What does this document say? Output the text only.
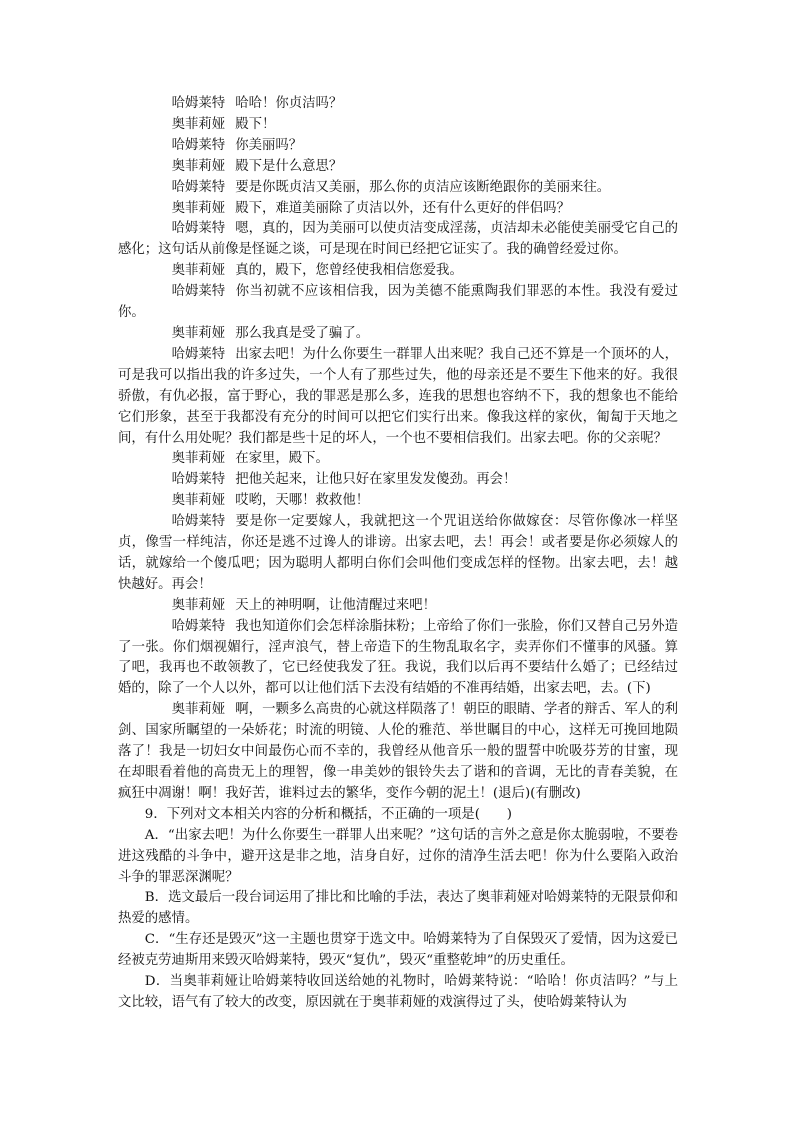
哈姆莱特 哈哈！你贞洁吗？

奥菲莉娅 殿下！

哈姆莱特 你美丽吗？

奥菲莉娅 殿下是什么意思？

哈姆莱特 要是你既贞洁又美丽，那么你的贞洁应该断绝跟你的美丽来往。

奥菲莉娅 殿下，难道美丽除了贞洁以外，还有什么更好的伴侣吗？

哈姆莱特 嗯，真的，因为美丽可以使贞洁变成淫荡，贞洁却未必能使美丽受它自己的感化；这句话从前像是怪诞之谈，可是现在时间已经把它证实了。我的确曾经爱过你。

奥菲莉娅 真的，殿下，您曾经使我相信您爱我。

哈姆莱特 你当初就不应该相信我，因为美德不能熏陶我们罪恶的本性。我没有爱过你。

奥菲莉娅 那么我真是受了骗了。

哈姆莱特 出家去吧！为什么你要生一群罪人出来呢？我自己还不算是一个顶坏的人，可是我可以指出我的许多过失，一个人有了那些过失，他的母亲还是不要生下他来的好。我很骄傲，有仇必报，富于野心，我的罪恶是那么多，连我的思想也容纳不下，我的想象也不能给它们形象，甚至于我都没有充分的时间可以把它们实行出来。像我这样的家伙，匍匐于天地之间，有什么用处呢？我们都是些十足的坏人，一个也不要相信我们。出家去吧。你的父亲呢？

奥菲莉娅 在家里，殿下。

哈姆莱特 把他关起来，让他只好在家里发发傻劲。再会！

奥菲莉娅 哎哟，天哪！救救他！

哈姆莱特 要是你一定要嫁人，我就把这一个咒诅送给你做嫁奁：尽管你像冰一样坚贞，像雪一样纯洁，你还是逃不过谗人的诽谤。出家去吧，去！再会！或者要是你必须嫁人的话，就嫁给一个傻瓜吧；因为聪明人都明白你们会叫他们变成怎样的怪物。出家去吧，去！越快越好。再会！

奥菲莉娅 天上的神明啊，让他清醒过来吧！

哈姆莱特 我也知道你们会怎样涂脂抹粉；上帝给了你们一张脸，你们又替自己另外造了一张。你们烟视媚行，淫声浪气，替上帝造下的生物乱取名字，卖弄你们不懂事的风骚。算了吧，我再也不敢领教了，它已经使我发了狂。我说，我们以后再不要结什么婚了；已经结过婚的，除了一个人以外，都可以让他们活下去没有结婚的不准再结婚，出家去吧，去。(下)

奥菲莉娅 啊，一颗多么高贵的心就这样陨落了！朝臣的眼睛、学者的辩舌、军人的利剑、国家所瞩望的一朵娇花；时流的明镜、人伦的雅范、举世瞩目的中心，这样无可挽回地陨落了！我是一切妇女中间最伤心而不幸的，我曾经从他音乐一般的盟誓中吮吸芬芳的甘蜜，现在却眼看着他的高贵无上的理智，像一串美妙的银铃失去了谐和的音调，无比的青春美貌，在疯狂中凋谢！啊！我好苦，谁料过去的繁华，变作今朝的泥土！(退后)(有删改)

9．下列对文本相关内容的分析和概括，不正确的一项是(　　)

A．“出家去吧！为什么你要生一群罪人出来呢？”这句话的言外之意是你太脆弱啦，不要卷进这残酷的斗争中，避开这是非之地，洁身自好，过你的清净生活去吧！你为什么要陷入政治斗争的罪恶深渊呢？

B．选文最后一段台词运用了排比和比喻的手法，表达了奥菲莉娅对哈姆莱特的无限景仰和热爱的感情。

C．“生存还是毁灭”这一主题也贯穿于选文中。哈姆莱特为了自保毁灭了爱情，因为这爱已经被克劳迪斯用来毁灭哈姆莱特，毁灭“复仇”，毁灭“重整乾坤”的历史重任。

D．当奥菲莉娅让哈姆莱特收回送给她的礼物时，哈姆莱特说：“哈哈！你贞洁吗？”与上文比较，语气有了较大的改变，原因就在于奥菲莉娅的戏演得过了头，使哈姆莱特认为
